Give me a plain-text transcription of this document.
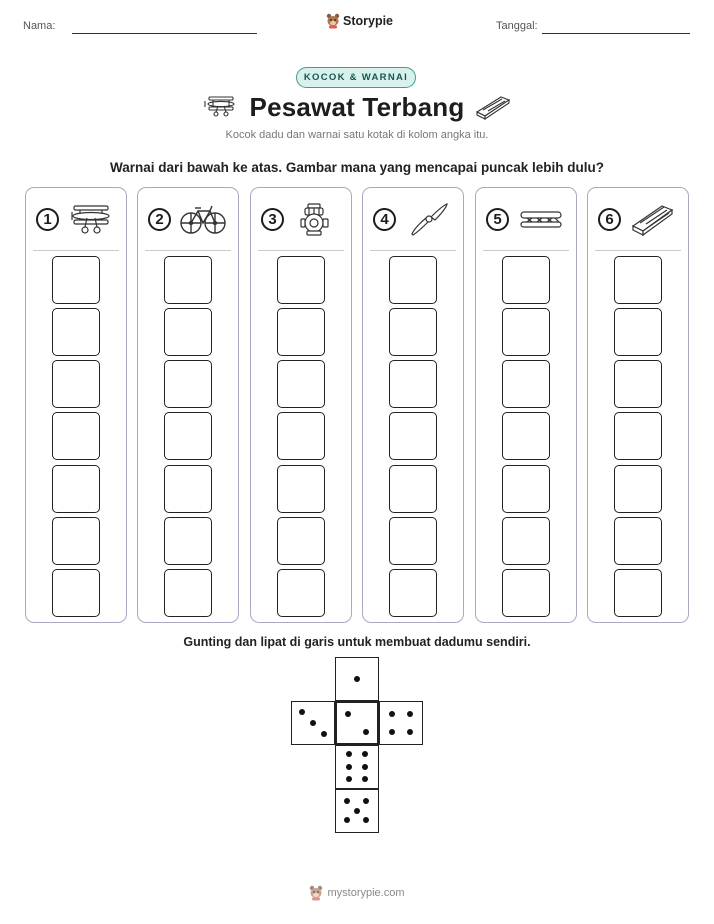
Nama:	Storypie	Tanggal:
KOCOK & WARNAI
Pesawat Terbang
Kocok dadu dan warnai satu kotak di kolom angka itu.
Warnai dari bawah ke atas. Gambar mana yang mencapai puncak lebih dulu?
1	2	3	4	5	6
Gunting dan lipat di garis untuk membuat dadumu sendiri.
mystorypie.com
